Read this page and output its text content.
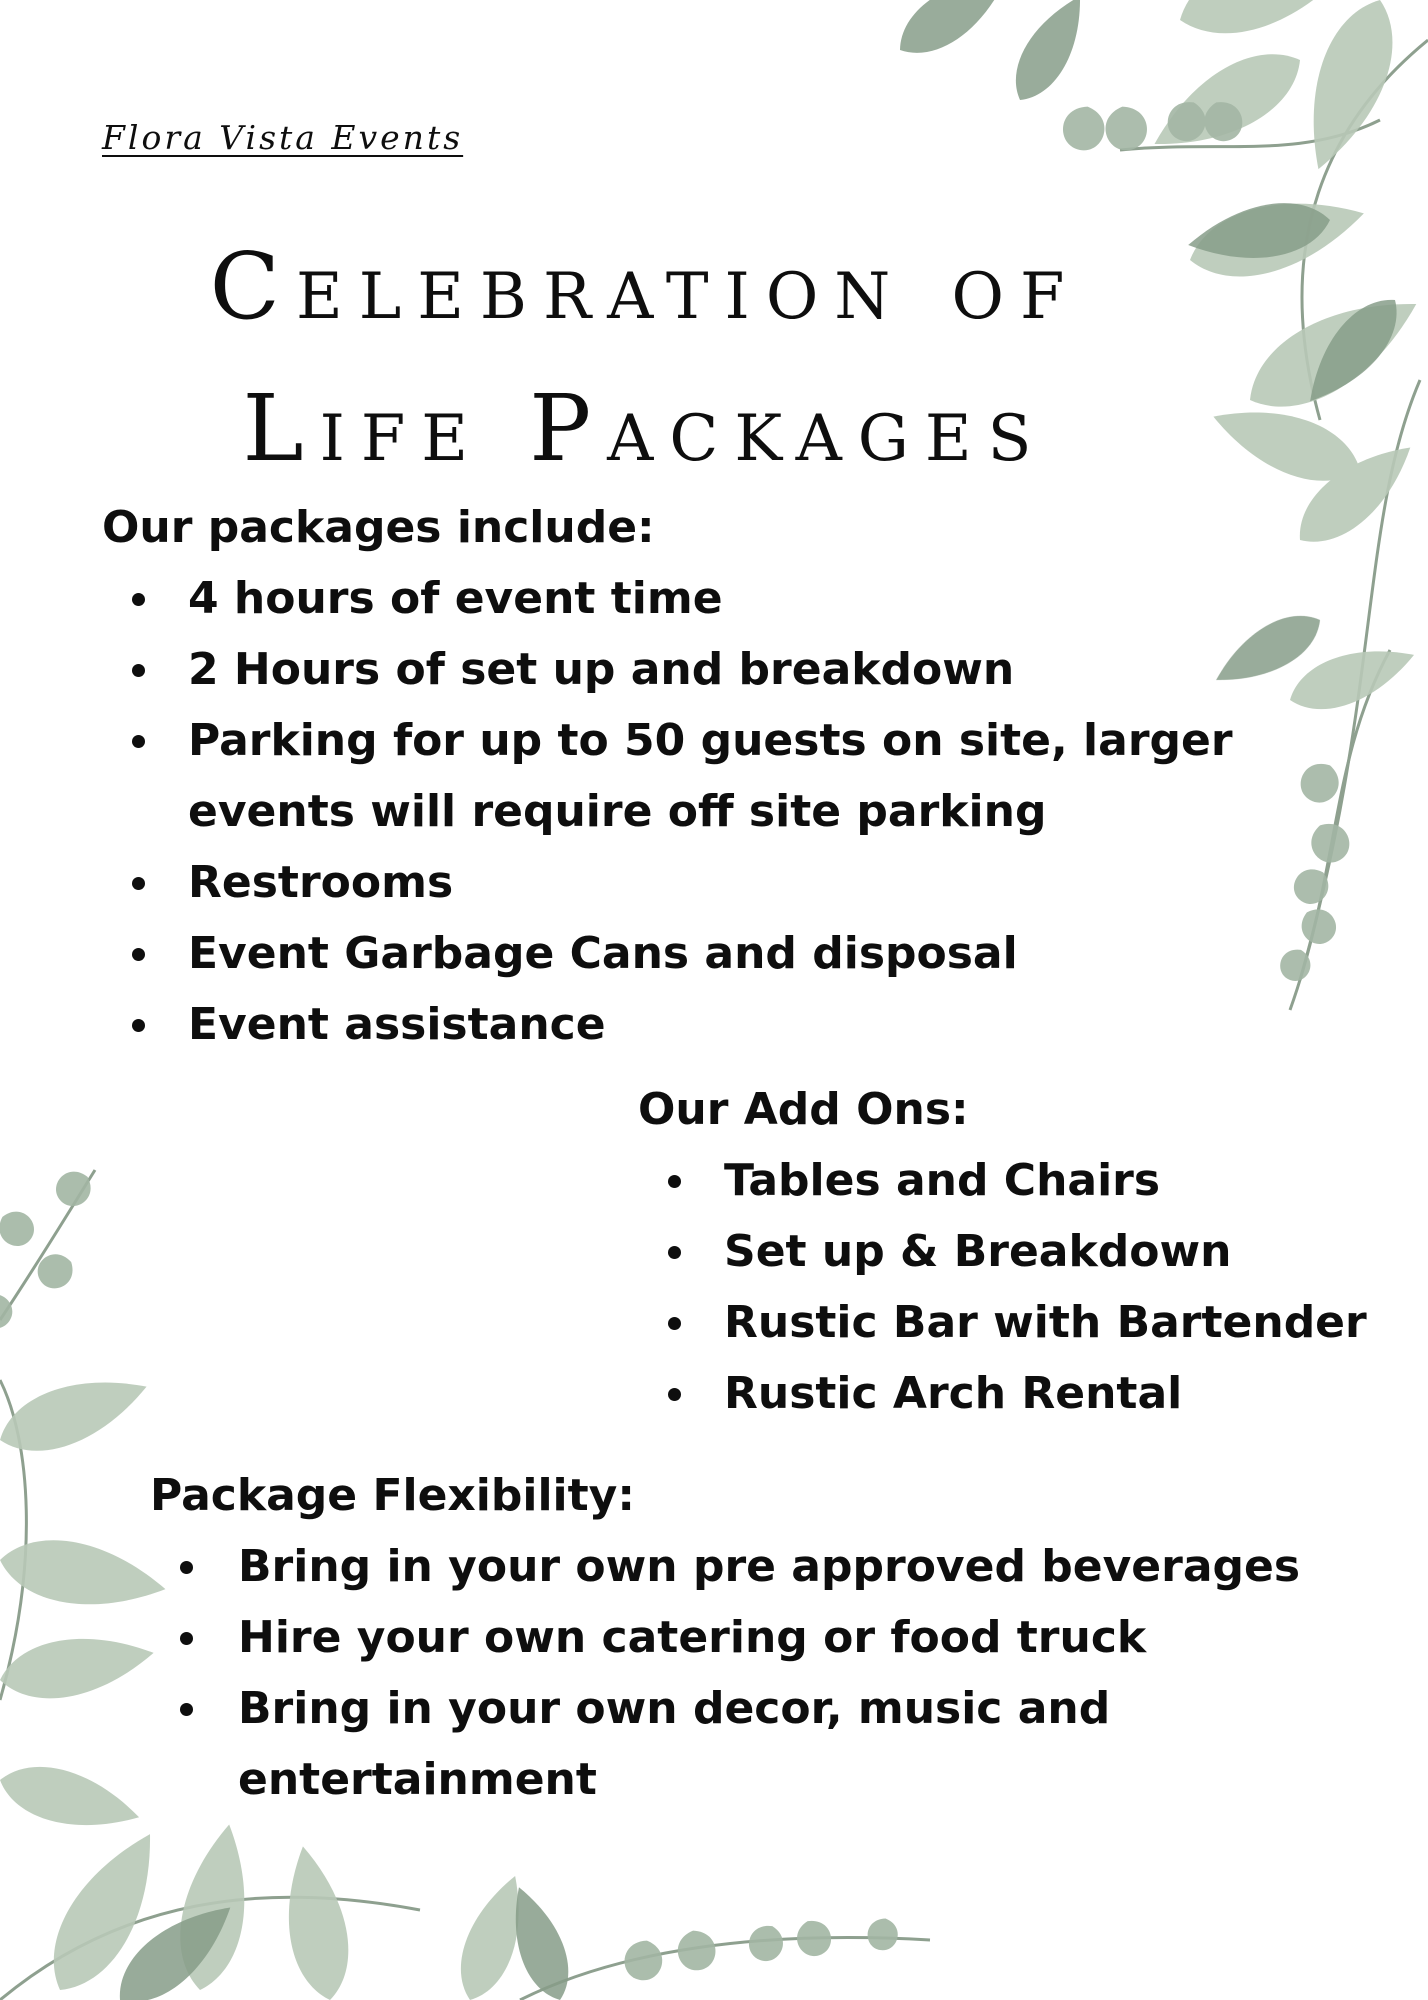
Flora Vista Events

Celebration of
Life Packages
Our packages include:
4 hours of event time
2 Hours of set up and breakdown
Parking for up to 50 guests on site, larger events will require off site parking
Restrooms
Event Garbage Cans and disposal
Event assistance
Our Add Ons:
Tables and Chairs
Set up & Breakdown
Rustic Bar with Bartender
Rustic Arch Rental
Package Flexibility:
Bring in your own pre approved beverages
Hire your own catering or food truck
Bring in your own decor, music and entertainment
